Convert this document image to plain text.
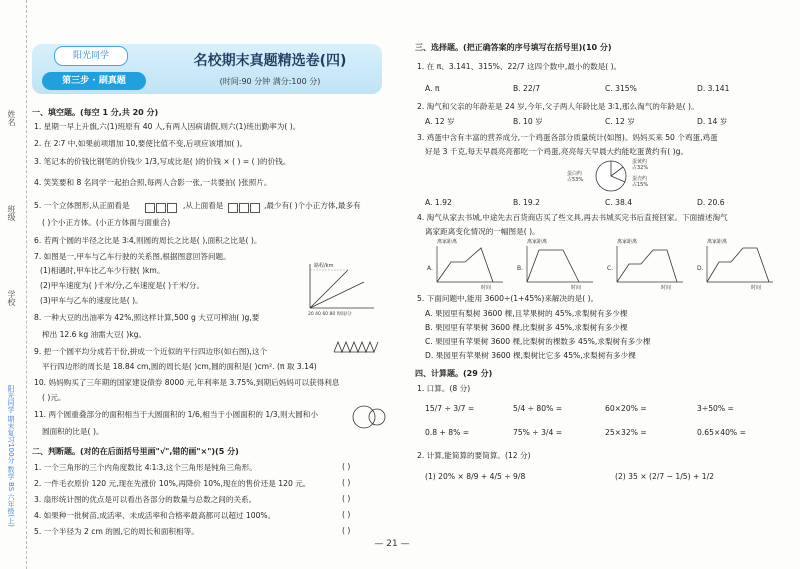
姓名
班级
学校
阳光同学 期末复习100分 数学 BS 六年级(上)
阳光同学
第三步 · 刷真题
名校期末真题精选卷(四)
(时间:90 分钟 满分:100 分)
一、填空题。(每空 1 分,共 20 分)
1. 星期一早上升旗,六(1)班原有 40 人,有两人因病请假,则六(1)班出勤率为( )。
2. 在 2∶7 中,如果前项增加 10,要使比值不变,后项应该增加( )。
3. 笔记本的价钱比钢笔的价钱少 1/3,写成比是( )的价钱 × ( ) = ( )的价钱。
4. 笑笑要和 8 名同学一起拍合照,每两人合影一张,一共要拍( )张照片。
5. 一个立体图形,从正面看是	,从上面看是	,最少有( )个小正方体,最多有
( )个小正方体。(小正方体面与面重合)
6. 若两个圆的半径之比是 3∶4,则圆的周长之比是( ),面积之比是( )。
7. 如图是一,甲车与乙车行驶的关系图,根据图意回答问题。
(1)相遇时,甲车比乙车少行驶( )km。
(2)甲车速度为( )千米/分,乙车速度是( )千米/分。
(3)甲车与乙车的速度比是( )。
路程/km
20 40 60 80 时间/分
8. 一种大豆的出油率为 42%,照这样计算,500 g 大豆可榨油( )g,要
榨出 12.6 kg 油需大豆( )kg。
9. 把一个圆平均分成若干份,拼成一个近似的平行四边形(如右图),这个
平行四边形的周长是 18.84 cm,圆的周长是( )cm,圆的面积是( )cm². (π 取 3.14)
10. 妈妈购买了三年期的国家建设债券 8000 元,年利率是 3.75%,到期后妈妈可以获得利息
( )元。
11. 两个圆重叠部分的面积相当于大圆面积的 1/6,相当于小圆面积的 1/3,则大圆和小
圆面积的比是( )。
二、判断题。(对的在后面括号里画"√",错的画"×")(5 分)
1. 一个三角形的三个内角度数比 4∶1∶3,这个三角形是钝角三角形。	( )
2. 一件毛衣原价 120 元,现在先涨价 10%,再降价 10%,现在的售价还是 120 元。	( )
3. 扇形统计图的优点是可以看出各部分的数量与总数之间的关系。	( )
4. 如果种一批树苗,成活率、未成活率和合格率最高都可以超过 100%。	( )
5. 一个半径为 2 cm 的圆,它的周长和面积相等。	( )
三、选择题。(把正确答案的序号填写在括号里)(10 分)
1. 在 π、3.141、315%、22/7 这四个数中,最小的数是( )。
A. π	B. 22/7	C. 315%	D. 3.141
2. 淘气和父亲的年龄差是 24 岁,今年,父子两人年龄比是 3∶1,那么淘气的年龄是( )。
A. 12 岁	B. 10 岁	C. 12 岁	D. 14 岁
3. 鸡蛋中含有丰富的营养成分,一个鸡蛋各部分质量统计(如图)。妈妈买来 50 个鸡蛋,鸡蛋
好是 3 千克,每天早晨亮亮都吃一个鸡蛋,亮亮每天早晨大约能吃蛋黄约有( )g。
蛋黄约
占32%
蛋壳约
占15%
蛋白约
占53%
A. 1.92	B. 19.2	C. 38.4	D. 20.6
4. 淘气从家去书城,中途先去百货商店买了些文具,再去书城买完书后直接回家。下面描述淘气
离家距离变化情况的一幅图是( )。
A.
离家距离
时间
B.
离家距离
时间
C.
离家距离
时间
D.
离家距离
时间
5. 下面问题中,能用 3600÷(1+45%)来解决的是( )。
A. 果园里有梨树 3600 棵,且苹果树的 45%,求梨树有多少棵
B. 果园里有苹果树 3600 棵,比梨树多 45%,求梨树有多少棵
C. 果园里有苹果树 3600 棵,比梨树的棵数多 45%,求梨树有多少棵
D. 果园里有苹果树 3600 棵,梨树比它多 45%,求梨树有多少棵
四、计算题。(29 分)
1. 口算。(8 分)
15/7 ÷ 3/7 =	5/4 ÷ 80% =	60×20% =	3÷50% =
0.8 + 8% =	75% ÷ 3/4 =	25×32% =	0.65×40% =
2. 计算,能简算的要简算。(12 分)
(1) 20% × 8/9 + 4/5 ÷ 9/8	(2) 35 × (2/7 − 1/5) + 1/2
— 21 —
